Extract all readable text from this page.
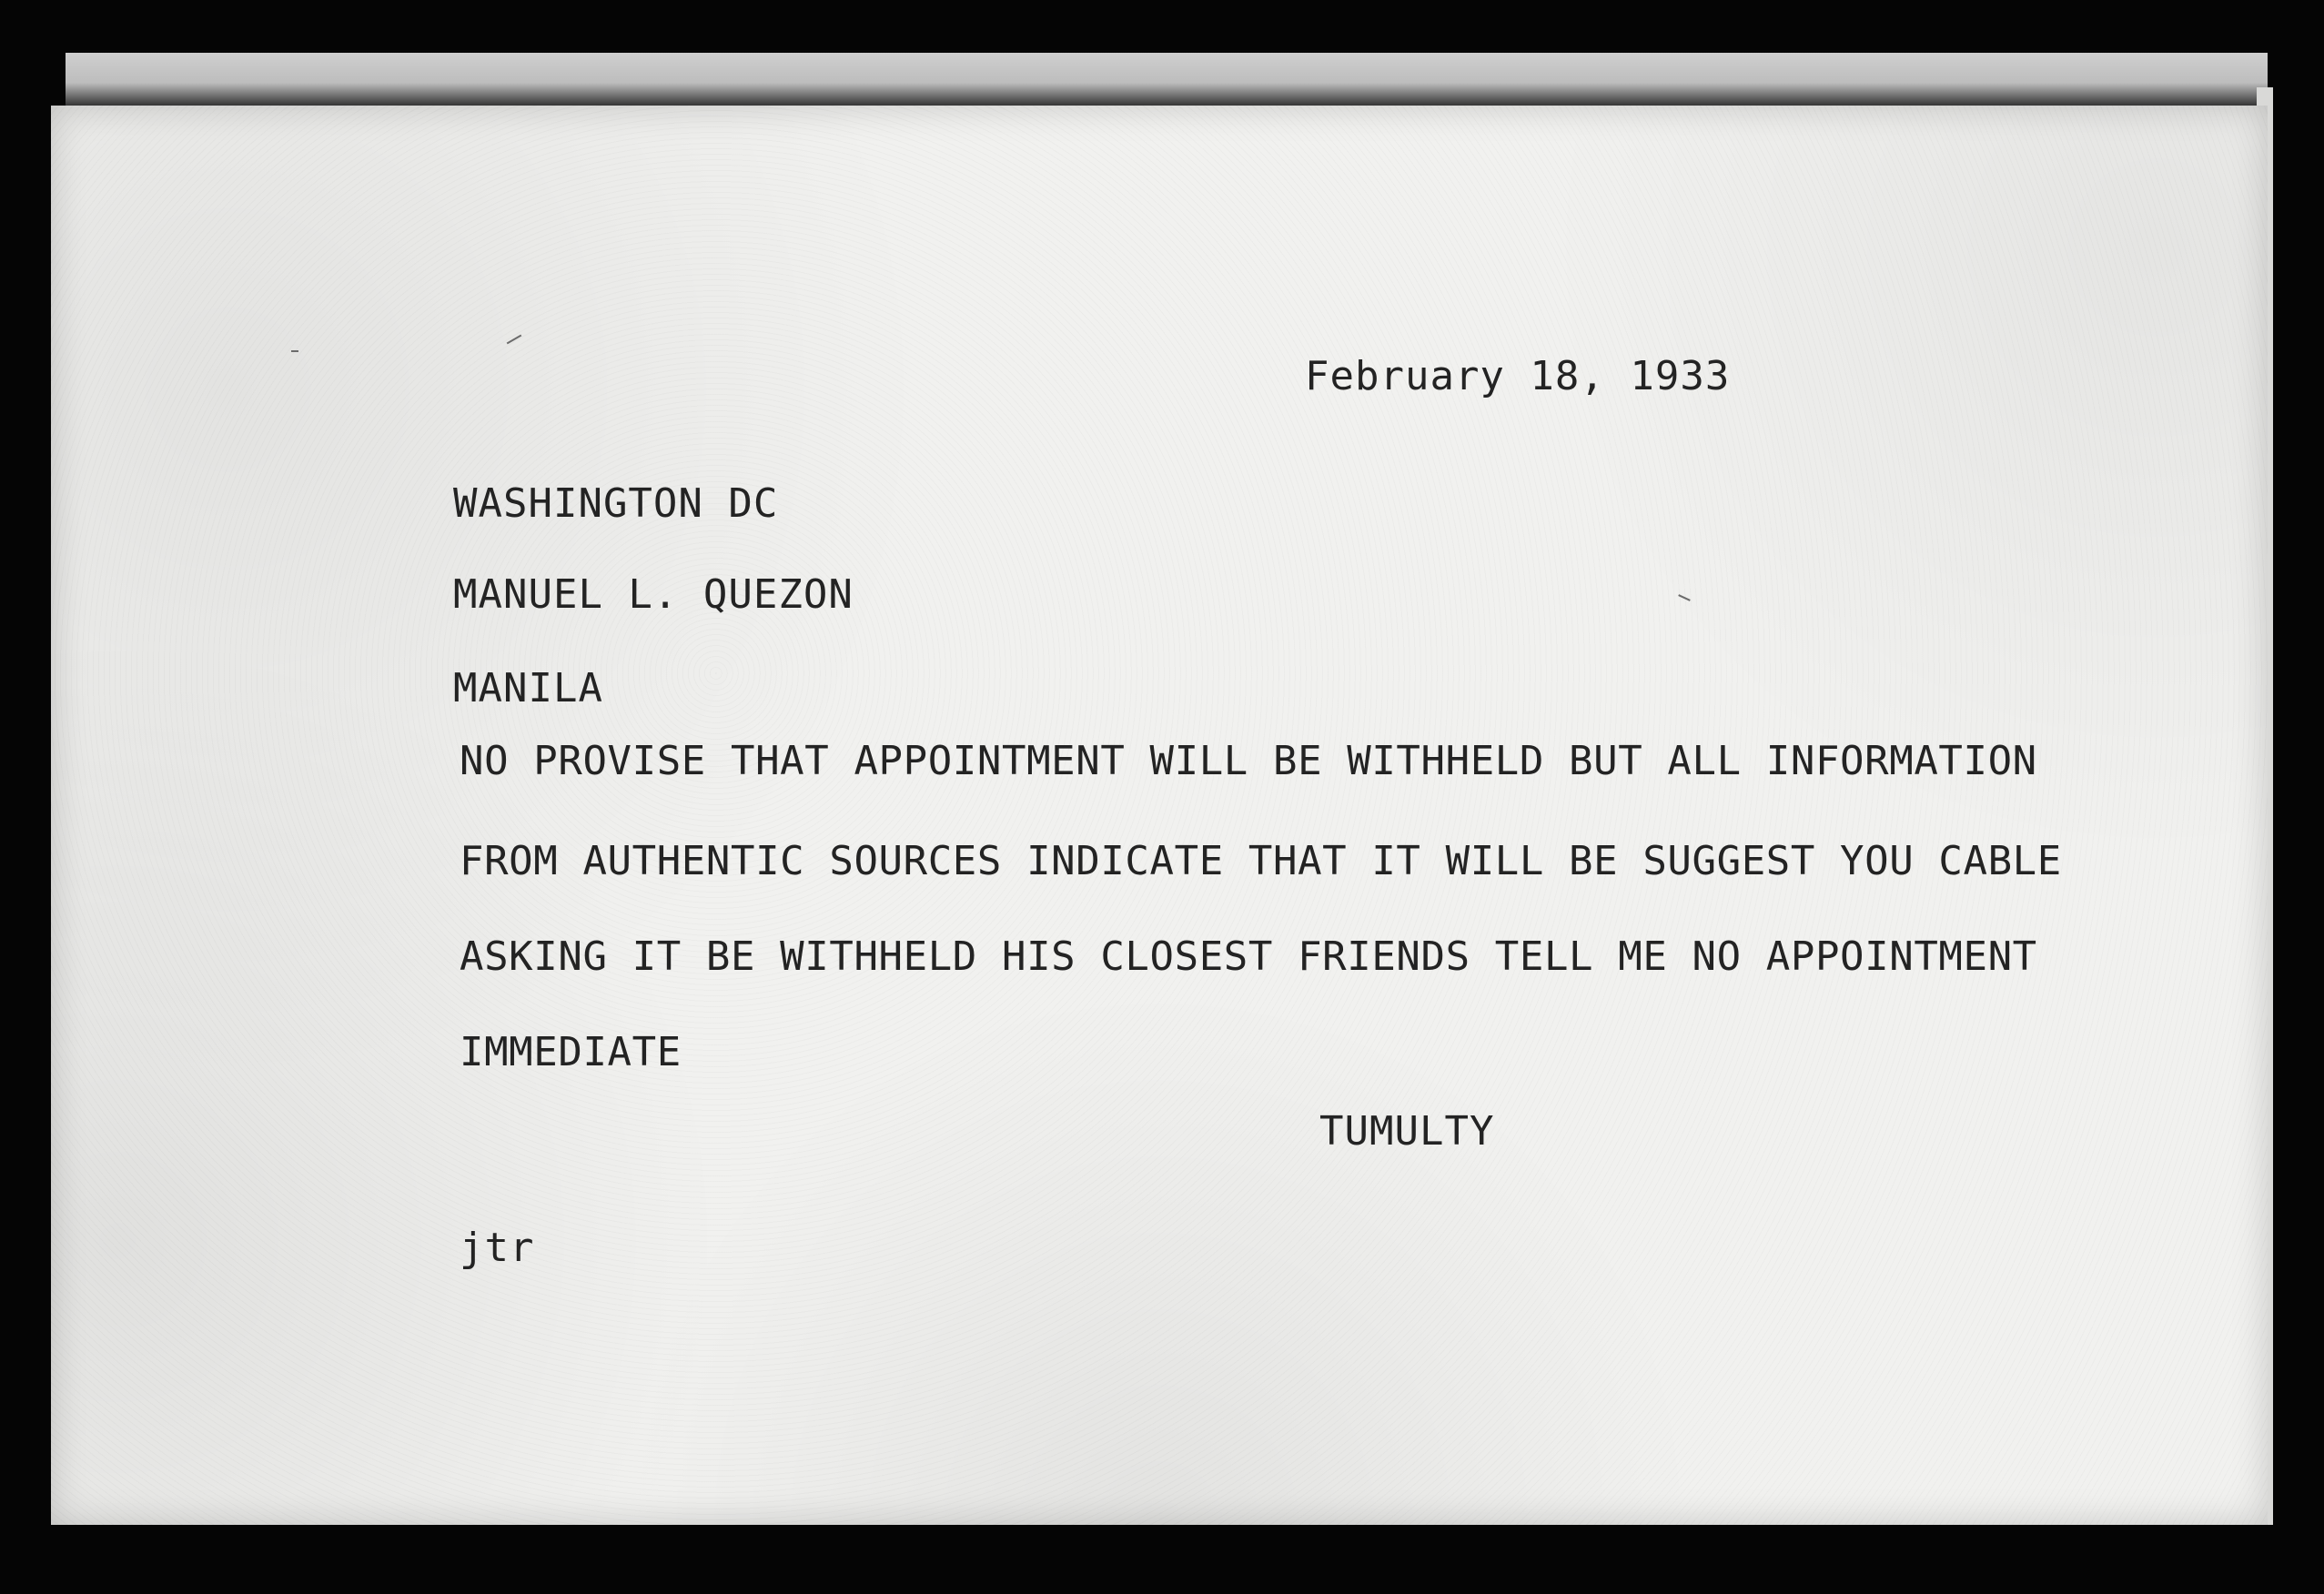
February 18, 1933
WASHINGTON DC
MANUEL L. QUEZON
MANILA
NO PROVISE THAT APPOINTMENT WILL BE WITHHELD BUT ALL INFORMATION
FROM AUTHENTIC SOURCES INDICATE THAT IT WILL BE SUGGEST YOU CABLE
ASKING IT BE WITHHELD HIS CLOSEST FRIENDS TELL ME NO APPOINTMENT
IMMEDIATE
TUMULTY
jtr
